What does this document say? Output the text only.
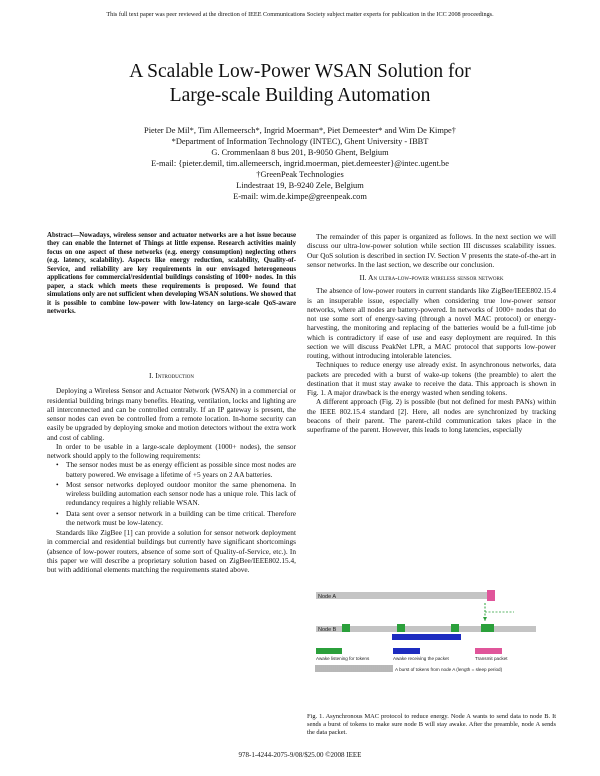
This full text paper was peer reviewed at the direction of IEEE Communications Society subject matter experts for publication in the ICC 2008 proceedings.
A Scalable Low-Power WSAN Solution for
Large-scale Building Automation
Pieter De Mil*, Tim Allemeersch*, Ingrid Moerman*, Piet Demeester* and Wim De Kimpe†
*Department of Information Technology (INTEC), Ghent University - IBBT
G. Crommenlaan 8 bus 201, B-9050 Ghent, Belgium
E-mail: {pieter.demil, tim.allemeersch, ingrid.moerman, piet.demeester}@intec.ugent.be
†GreenPeak Technologies
Lindestraat 19, B-9240 Zele, Belgium
E-mail: wim.de.kimpe@greenpeak.com

Abstract—Nowadays, wireless sensor and actuator networks are a hot issue because they can enable the Internet of Things at little expense. Research activities mainly focus on one aspect of these networks (e.g. energy consumption) neglecting others (e.g. latency, scalability). Aspects like energy reduction, scalability, Quality-of-Service, and reliability are key requirements in our envisaged heterogeneous applications for commercial/residential buildings consisting of 1000+ nodes. In this paper, a stack which meets these requirements is proposed. We found that simulations only are not sufficient when developing WSAN solutions. We showed that it is possible to combine low-power with low-latency on large-scale QoS-aware networks.

I. Introduction

Deploying a Wireless Sensor and Actuator Network (WSAN) in a commercial or residential building brings many benefits. Heating, ventilation, locks and lighting are all interconnected and can be controlled centrally. If an IP gateway is present, the sensor nodes can even be controlled from a remote location. In-home security can easily be upgraded by deploying smoke and motion detectors without the extra work and cost of cabling.

In order to be usable in a large-scale deployment (1000+ nodes), the sensor network should apply to the following requirements:

• The sensor nodes must be as energy efficient as possible since most nodes are battery powered. We envisage a lifetime of +5 years on 2 AA batteries.
• Most sensor networks deployed outdoor monitor the same phenomena. In wireless building automation each sensor node has a unique role. This lack of redundancy requires a highly reliable WSAN.
• Data sent over a sensor network in a building can be time critical. Therefore the network must be low-latency.

Standards like ZigBee [1] can provide a solution for sensor network deployment in commercial and residential buildings but currently have significant shortcomings (absence of low-power routers, absence of some sort of Quality-of-Service, etc.). In this paper we will describe a proprietary solution based on ZigBee/IEEE802.15.4, but with additional elements matching the requirements stated above.

The remainder of this paper is organized as follows. In the next section we will discuss our ultra-low-power solution while section III discusses scalability issues. Our QoS solution is described in section IV. Section V presents the state-of-the-art in sensor networks. In the last section, we describe our conclusion.

II. An ultra-low-power wireless sensor network

The absence of low-power routers in current standards like ZigBee/IEEE802.15.4 is an insuperable issue, especially when considering true low-power sensor networks, where all nodes are battery-powered. In networks of 1000+ nodes that do not use some sort of energy-saving (through a novel MAC protocol) or energy-harvesting, the monitoring and replacing of the batteries would be a full-time job which is contradictory if ease of use and easy deployment are required. In this section we will discuss PeakNet LPR, a MAC protocol that supports low-power routing, without introducing intolerable latencies.

Techniques to reduce energy use already exist. In asynchronous networks, data packets are preceded with a burst of wake-up tokens (the preamble) to alert the destination that it must stay awake to receive the data. This approach is shown in Fig. 1. A major drawback is the energy wasted when sending tokens.

A different approach (Fig. 2) is possible (but not defined for mesh PANs) within the IEEE 802.15.4 standard [2]. Here, all nodes are synchronized by tracking beacons of their parent. The parent-child communication takes place in the superframe of the parent. However, this leads to long latencies, especially

Node A
Node B
Awake listening for tokens	Awake receiving the packet	Transmit packet
A burst of tokens from node A (length = sleep period)
Fig. 1. Asynchronous MAC protocol to reduce energy. Node A wants to send data to node B. It sends a burst of tokens to make sure node B will stay awake. After the preamble, node A sends the data packet.
978-1-4244-2075-9/08/$25.00 ©2008 IEEE
